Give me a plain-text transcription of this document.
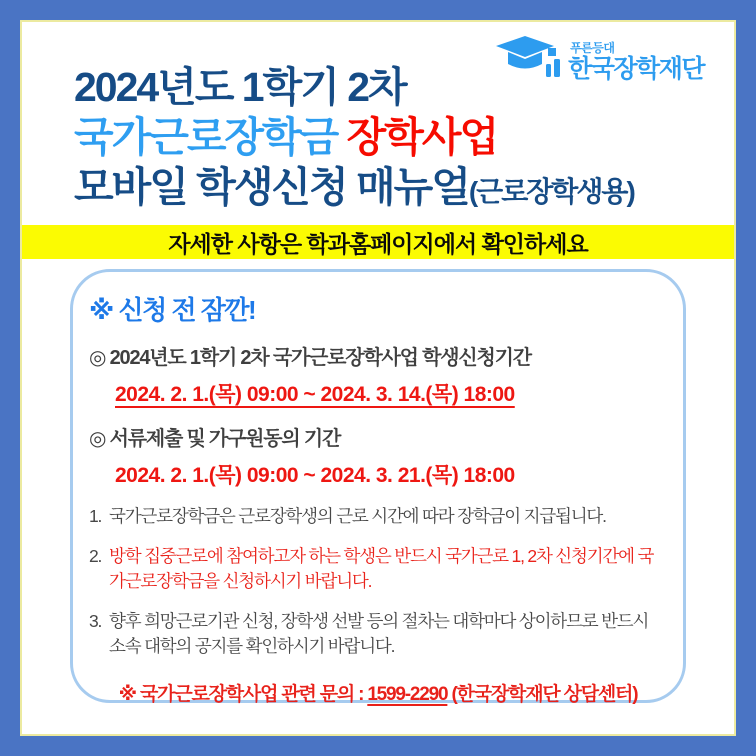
2024년도 1학기 2차
국가근로장학금 장학사업
모바일 학생신청 매뉴얼(근로장학생용)
푸른등대
한국장학재단
자세한 사항은 학과홈페이지에서 확인하세요
※ 신청 전 잠깐!
◎ 2024년도 1학기 2차 국가근로장학사업 학생신청기간
2024. 2. 1.(목) 09:00 ~ 2024. 3. 14.(목) 18:00
◎ 서류제출 및 가구원동의 기간
2024. 2. 1.(목) 09:00 ~ 2024. 3. 21.(목) 18:00
1. 국가근로장학금은 근로장학생의 근로 시간에 따라 장학금이 지급됩니다.
2. 방학 집중근로에 참여하고자 하는 학생은 반드시 국가근로 1, 2차 신청기간에 국가근로장학금을 신청하시기 바랍니다.
3. 향후 희망근로기관 신청, 장학생 선발 등의 절차는 대학마다 상이하므로 반드시 소속 대학의 공지를 확인하시기 바랍니다.
※ 국가근로장학사업 관련 문의 : 1599-2290 (한국장학재단 상담센터)
